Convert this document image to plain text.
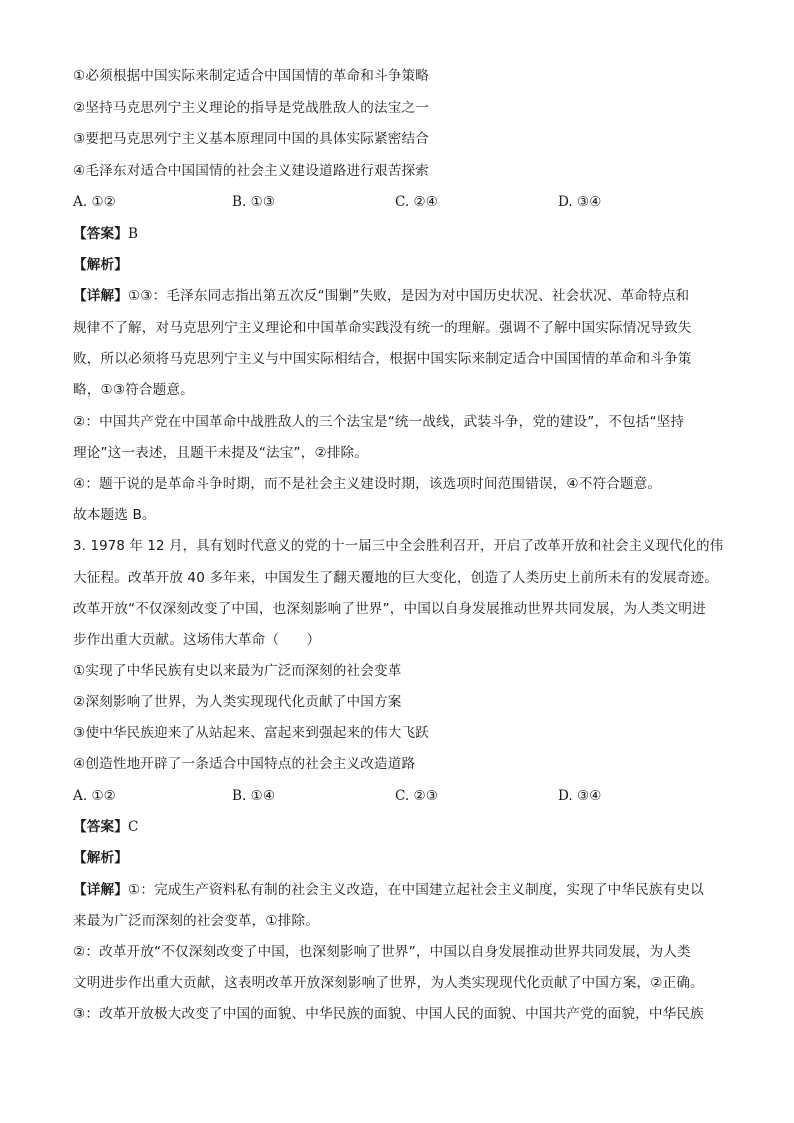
①必须根据中国实际来制定适合中国国情的革命和斗争策略
②坚持马克思列宁主义理论的指导是党战胜敌人的法宝之一
③要把马克思列宁主义基本原理同中国的具体实际紧密结合
④毛泽东对适合中国国情的社会主义建设道路进行艰苦探索
A. ①②	B. ①③	C. ②④	D. ③④
【答案】B
【解析】
【详解】①③：毛泽东同志指出第五次反“围剿”失败，是因为对中国历史状况、社会状况、革命特点和
规律不了解，对马克思列宁主义理论和中国革命实践没有统一的理解。强调不了解中国实际情况导致失
败，所以必须将马克思列宁主义与中国实际相结合，根据中国实际来制定适合中国国情的革命和斗争策
略，①③符合题意。
②：中国共产党在中国革命中战胜敌人的三个法宝是“统一战线，武装斗争，党的建设”，不包括“坚持
理论”这一表述，且题干未提及“法宝”，②排除。
④：题干说的是革命斗争时期，而不是社会主义建设时期，该选项时间范围错误，④不符合题意。
故本题选 B。
3. 1978 年 12 月，具有划时代意义的党的十一届三中全会胜利召开，开启了改革开放和社会主义现代化的伟
大征程。改革开放 40 多年来，中国发生了翻天覆地的巨大变化，创造了人类历史上前所未有的发展奇迹。
改革开放“不仅深刻改变了中国，也深刻影响了世界”，中国以自身发展推动世界共同发展，为人类文明进
步作出重大贡献。这场伟大革命（　　）
①实现了中华民族有史以来最为广泛而深刻的社会变革
②深刻影响了世界，为人类实现现代化贡献了中国方案
③使中华民族迎来了从站起来、富起来到强起来的伟大飞跃
④创造性地开辟了一条适合中国特点的社会主义改造道路
A. ①②	B. ①④	C. ②③	D. ③④
【答案】C
【解析】
【详解】①：完成生产资料私有制的社会主义改造，在中国建立起社会主义制度，实现了中华民族有史以
来最为广泛而深刻的社会变革，①排除。
②：改革开放“不仅深刻改变了中国，也深刻影响了世界”，中国以自身发展推动世界共同发展，为人类
文明进步作出重大贡献，这表明改革开放深刻影响了世界，为人类实现现代化贡献了中国方案，②正确。
③：改革开放极大改变了中国的面貌、中华民族的面貌、中国人民的面貌、中国共产党的面貌，中华民族
